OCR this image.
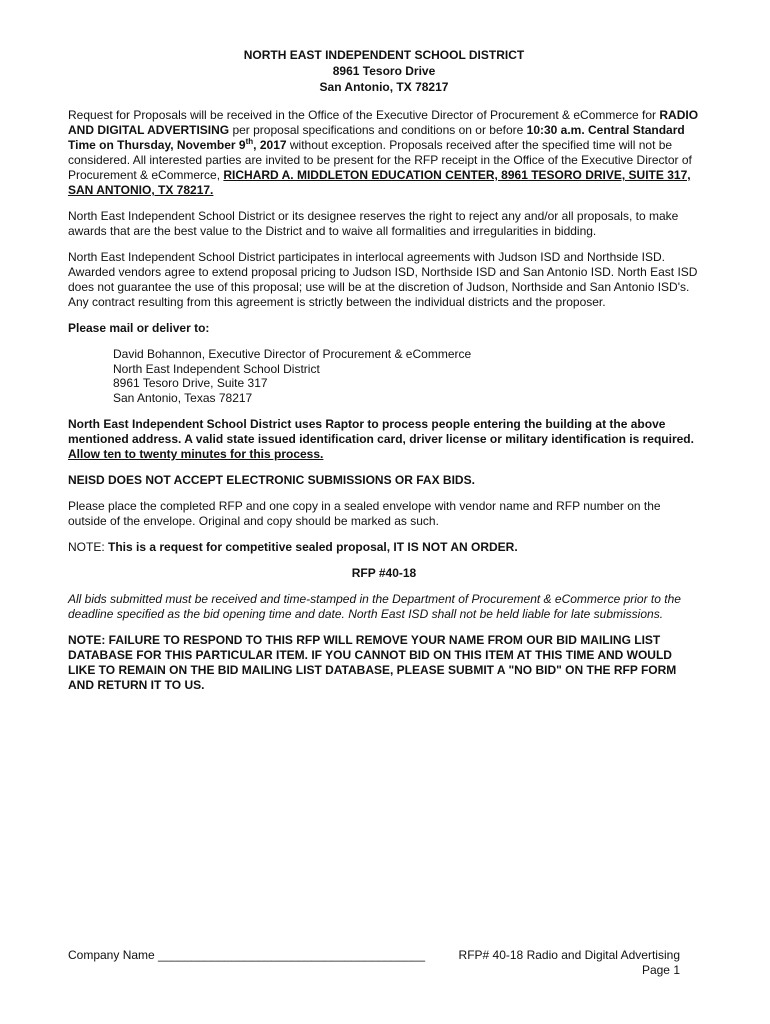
NORTH EAST INDEPENDENT SCHOOL DISTRICT
8961 Tesoro Drive
San Antonio, TX 78217

Request for Proposals will be received in the Office of the Executive Director of Procurement & eCommerce for RADIO AND DIGITAL ADVERTISING per proposal specifications and conditions on or before 10:30 a.m. Central Standard Time on Thursday, November 9th, 2017 without exception. Proposals received after the specified time will not be considered. All interested parties are invited to be present for the RFP receipt in the Office of the Executive Director of Procurement & eCommerce, RICHARD A. MIDDLETON EDUCATION CENTER, 8961 TESORO DRIVE, SUITE 317, SAN ANTONIO, TX 78217.

North East Independent School District or its designee reserves the right to reject any and/or all proposals, to make awards that are the best value to the District and to waive all formalities and irregularities in bidding.

North East Independent School District participates in interlocal agreements with Judson ISD and Northside ISD. Awarded vendors agree to extend proposal pricing to Judson ISD, Northside ISD and San Antonio ISD. North East ISD does not guarantee the use of this proposal; use will be at the discretion of Judson, Northside and San Antonio ISD's. Any contract resulting from this agreement is strictly between the individual districts and the proposer.

Please mail or deliver to:

David Bohannon, Executive Director of Procurement & eCommerce
North East Independent School District
8961 Tesoro Drive, Suite 317
San Antonio, Texas 78217

North East Independent School District uses Raptor to process people entering the building at the above mentioned address. A valid state issued identification card, driver license or military identification is required. Allow ten to twenty minutes for this process.

NEISD DOES NOT ACCEPT ELECTRONIC SUBMISSIONS OR FAX BIDS.

Please place the completed RFP and one copy in a sealed envelope with vendor name and RFP number on the outside of the envelope. Original and copy should be marked as such.

NOTE: This is a request for competitive sealed proposal, IT IS NOT AN ORDER.

RFP #40-18

All bids submitted must be received and time-stamped in the Department of Procurement & eCommerce prior to the deadline specified as the bid opening time and date. North East ISD shall not be held liable for late submissions.

NOTE: FAILURE TO RESPOND TO THIS RFP WILL REMOVE YOUR NAME FROM OUR BID MAILING LIST DATABASE FOR THIS PARTICULAR ITEM. IF YOU CANNOT BID ON THIS ITEM AT THIS TIME AND WOULD LIKE TO REMAIN ON THE BID MAILING LIST DATABASE, PLEASE SUBMIT A "NO BID" ON THE RFP FORM AND RETURN IT TO US.

Company Name ________________________________________	RFP# 40-18 Radio and Digital Advertising
Page 1
